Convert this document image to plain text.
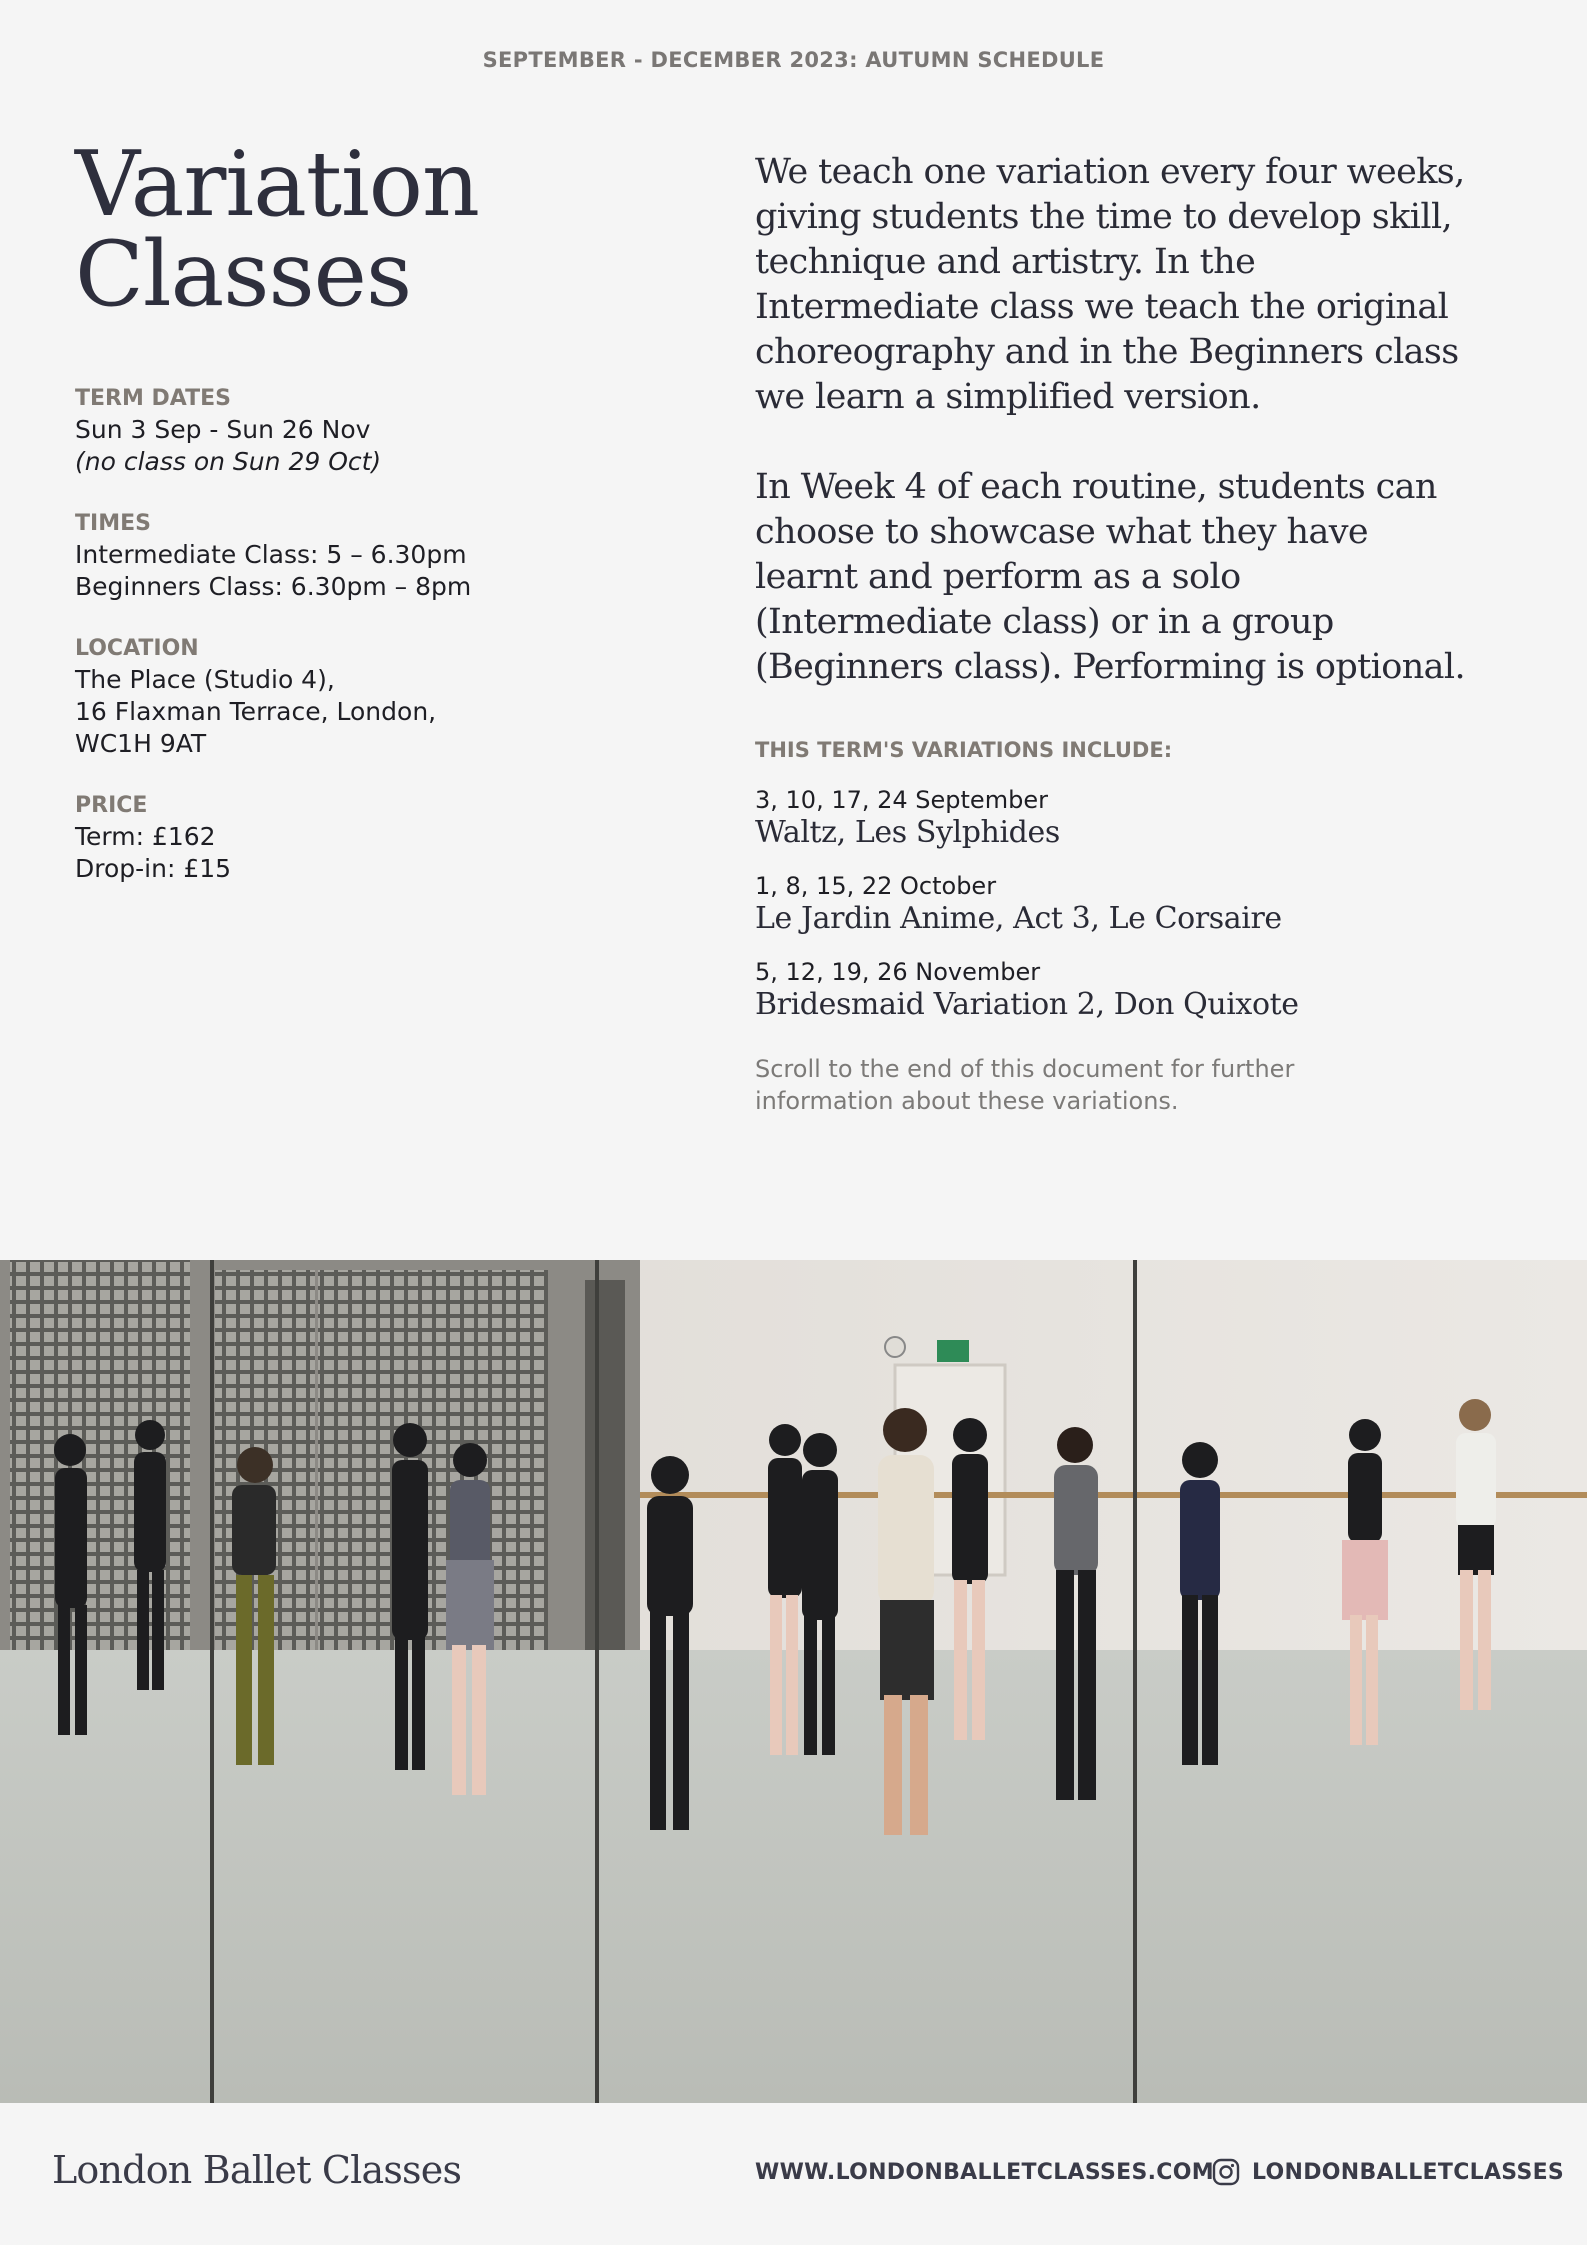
SEPTEMBER - DECEMBER 2023: AUTUMN SCHEDULE
Variation
Classes
TERM DATES
Sun 3 Sep - Sun 26 Nov
(no class on Sun 29 Oct)
TIMES
Intermediate Class: 5 – 6.30pm
Beginners Class: 6.30pm – 8pm
LOCATION
The Place (Studio 4),
16 Flaxman Terrace, London,
WC1H 9AT
PRICE
Term: £162
Drop-in: £15

We teach one variation every four weeks, giving students the time to develop skill, technique and artistry. In the Intermediate class we teach the original choreography and in the Beginners class we learn a simplified version.

In Week 4 of each routine, students can choose to showcase what they have learnt and perform as a solo (Intermediate class) or in a group (Beginners class). Performing is optional.

THIS TERM'S VARIATIONS INCLUDE:
3, 10, 17, 24 September
Waltz, Les Sylphides
1, 8, 15, 22 October
Le Jardin Anime, Act 3, Le Corsaire
5, 12, 19, 26 November
Bridesmaid Variation 2, Don Quixote
Scroll to the end of this document for further information about these variations.
London Ballet Classes	WWW.LONDONBALLETCLASSES.COM LONDONBALLETCLASSES
